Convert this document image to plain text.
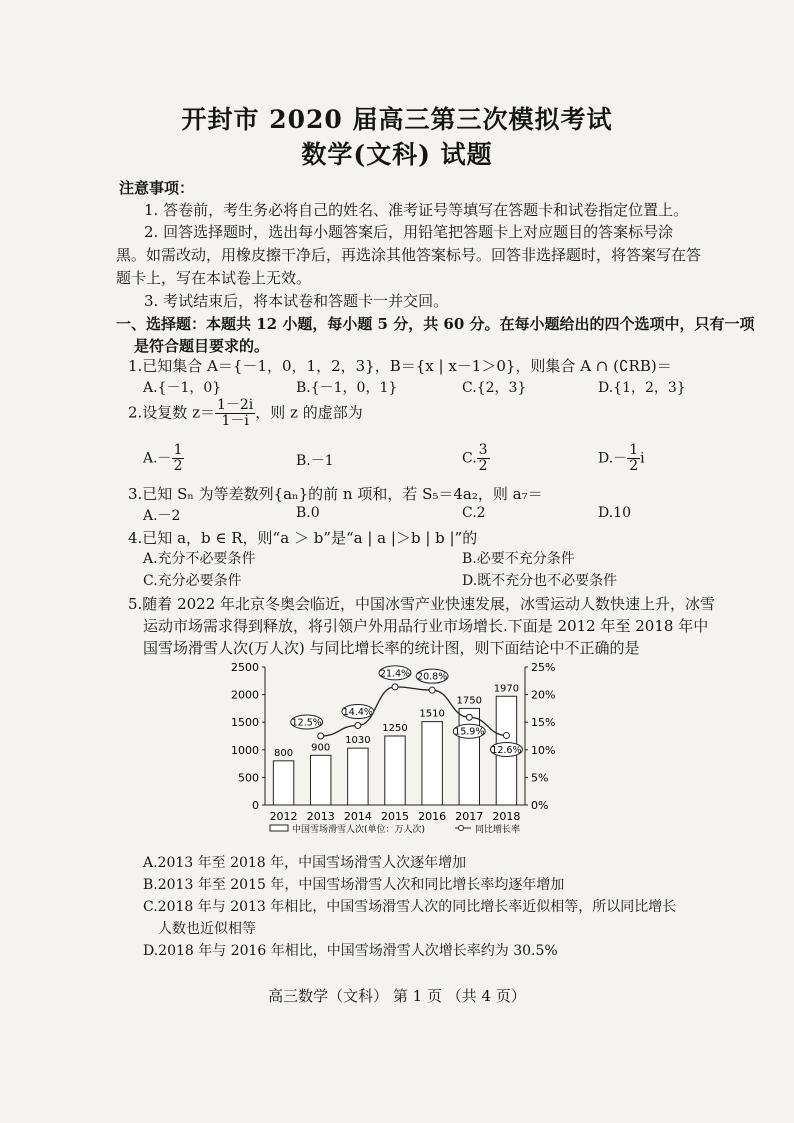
开封市 2020 届高三第三次模拟考试
数学(文科) 试题
注意事项：
1. 答卷前，考生务必将自己的姓名、准考证号等填写在答题卡和试卷指定位置上。
2. 回答选择题时，选出每小题答案后，用铅笔把答题卡上对应题目的答案标号涂
黑。如需改动，用橡皮擦干净后，再选涂其他答案标号。回答非选择题时，将答案写在答
题卡上，写在本试卷上无效。
3. 考试结束后，将本试卷和答题卡一并交回。
一、选择题：本题共 12 小题，每小题 5 分，共 60 分。在每小题给出的四个选项中，只有一项
是符合题目要求的。
1.已知集合 A＝{－1，0，1，2，3}，B＝{x | x－1＞0}，则集合 A ∩ (∁RB)＝
A.{－1，0}	B.{－1，0，1}	C.{2，3}	D.{1，2，3}
2.设复数 $z= \frac{1-2i}{1-i}$ ，则 z 的虚部为
$A.- \frac{1}{2}$	B.－1	C. $\frac{3}{2}$	$D.- \frac{1}{2}$ i
3.已知 Sₙ 为等差数列{aₙ}的前 n 项和，若 S₅＝4a₂，则 a₇＝
A.－2	B.0	C.2	D.10
4.已知 a，b ∈ R，则“a ＞ b”是“a | a |＞b | b |”的
A.充分不必要条件	B.必要不充分条件
C.充分必要条件	D.既不充分也不必要条件
5.随着 2022 年北京冬奥会临近，中国冰雪产业快速发展，冰雪运动人数快速上升，冰雪
运动市场需求得到释放，将引领户外用品行业市场增长.下面是 2012 年至 2018 年中
国雪场滑雪人次(万人次) 与同比增长率的统计图，则下面结论中不正确的是
0
500
1000
1500
2000
2500
0%
5%
10%
15%
20%
25%
800
900
1030
1250
1510
1750
1970
2012 2013 2014 2015 2016 2017 2018
12.5%
14.4%
21.4% 20.8%
15.9%
12.6%
中国雪场滑雪人次(单位：万人次)	同比增长率
A.2013 年至 2018 年，中国雪场滑雪人次逐年增加
B.2013 年至 2015 年，中国雪场滑雪人次和同比增长率均逐年增加
C.2018 年与 2013 年相比，中国雪场滑雪人次的同比增长率近似相等，所以同比增长
人数也近似相等
D.2018 年与 2016 年相比，中国雪场滑雪人次增长率约为 30.5%
高三数学（文科） 第 1 页 （共 4 页）
